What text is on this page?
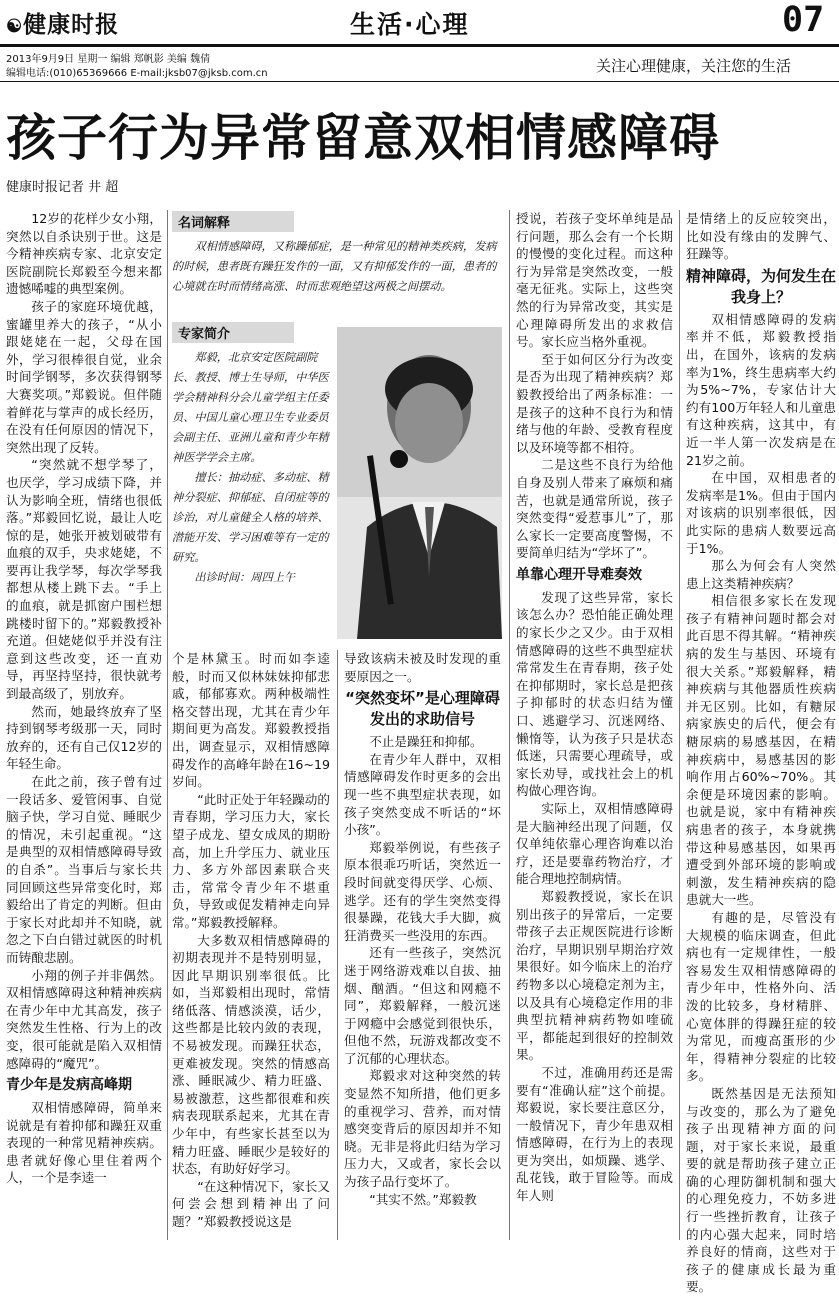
☯健康时报	生活·心理	07
2013年9月9日 星期一 编辑 郑帆影 美编 魏倩
编辑电话:(010)65369666 E-mail:jksb07@jksb.com.cn	关注心理健康，关注您的生活
孩子行为异常留意双相情感障碍
健康时报记者 井 超

12岁的花样少女小翔，突然以自杀诀别于世。这是今精神疾病专家、北京安定医院副院长郑毅至今想来都遗憾唏嘘的典型案例。

孩子的家庭环境优越，蜜罐里养大的孩子，“从小跟姥姥在一起，父母在国外，学习很棒很自觉，业余时间学钢琴，多次获得钢琴大赛奖项。”郑毅说。但伴随着鲜花与掌声的成长经历，在没有任何原因的情况下，突然出现了反转。

“突然就不想学琴了，也厌学，学习成绩下降，并认为影响全班，情绪也很低落。”郑毅回忆说，最让人吃惊的是，她张开被划破带有血痕的双手，央求姥姥，不要再让我学琴，每次学琴我都想从楼上跳下去。“手上的血痕，就是抓窗户围栏想跳楼时留下的。”郑毅教授补充道。但姥姥似乎并没有注意到这些改变，还一直劝导，再坚持坚持，很快就考到最高级了，别放弃。

然而，她最终放弃了坚持到钢琴考级那一天，同时放弃的，还有自己仅12岁的年轻生命。

在此之前，孩子曾有过一段话多、爱管闲事、自觉脑子快，学习自觉、睡眠少的情况，未引起重视。“这是典型的双相情感障碍导致的自杀”。当事后与家长共同回顾这些异常变化时，郑毅给出了肯定的判断。但由于家长对此却并不知晓，就忽之下白白错过就医的时机而铸酿悲剧。

小翔的例子并非偶然。双相情感障碍这种精神疾病在青少年中尤其高发，孩子突然发生性格、行为上的改变，很可能就是陷入双相情感障碍的“魔咒”。

青少年是发病高峰期

双相情感障碍，简单来说就是有着抑郁和躁狂双重表现的一种常见精神疾病。患者就好像心里住着两个人，一个是李逵一

名词解释

双相情感障碍，又称躁郁症，是一种常见的精神类疾病，发病的时候，患者既有躁狂发作的一面，又有抑郁发作的一面，患者的心境就在时而情绪高涨、时而悲观绝望这两极之间摆动。

专家简介

郑毅，北京安定医院副院长、教授、博士生导师，中华医学会精神科分会儿童学组主任委员、中国儿童心理卫生专业委员会副主任、亚洲儿童和青少年精神医学学会主席。

擅长：抽动症、多动症、精神分裂症、抑郁症、自闭症等的诊治，对儿童健全人格的培养、潜能开发、学习困难等有一定的研究。

出诊时间：周四上午

个是林黛玉。时而如李逵般，时而又似林妹妹抑郁悲戚，郁郁寡欢。两种极端性格交替出现，尤其在青少年期间更为高发。郑毅教授指出，调查显示，双相情感障碍发作的高峰年龄在16~19岁间。

“此时正处于年轻躁动的青春期，学习压力大，家长望子成龙、望女成凤的期盼高，加上升学压力、就业压力、多方外部因素联合夹击，常常令青少年不堪重负，导致或促发精神走向异常。”郑毅教授解释。

大多数双相情感障碍的初期表现并不是特别明显，因此早期识别率很低。比如，当郑毅相出现时，常情绪低落、情感淡漠，话少，这些都是比较内敛的表现，不易被发现。而躁狂状态，更难被发现。突然的情感高涨、睡眠减少、精力旺盛、易被激惹，这些都很难和疾病表现联系起来，尤其在青少年中，有些家长甚至以为精力旺盛、睡眠少是较好的状态，有助好好学习。

“在这种情况下，家长又何尝会想到精神出了问题？”郑毅教授说这是

导致该病未被及时发现的重要原因之一。

“突然变坏”是心理障碍发出的求助信号

不止是躁狂和抑郁。

在青少年人群中，双相情感障碍发作时更多的会出现一些不典型症状表现，如孩子突然变成不听话的“坏小孩”。

郑毅举例说，有些孩子原本很乖巧听话，突然近一段时间就变得厌学、心烦、逃学。还有的学生突然变得很暴躁，花钱大手大脚，疯狂消费买一些没用的东西。

还有一些孩子，突然沉迷于网络游戏难以自拔、抽烟、酗酒。“但这和网瘾不同”，郑毅解释，一般沉迷于网瘾中会感觉到很快乐，但他不然，玩游戏都改变不了沉郁的心理状态。

郑毅求对这种突然的转变显然不知所措，他们更多的重视学习、营养，而对情感突变背后的原因却并不知晓。无非是将此归结为学习压力大，又或者，家长会以为孩子品行变坏了。

“其实不然。”郑毅教

授说，若孩子变坏单纯是品行问题，那么会有一个长期的慢慢的变化过程。而这种行为异常是突然改变，一般毫无征兆。实际上，这些突然的行为异常改变，其实是心理障碍所发出的求救信号。家长应当格外重视。

至于如何区分行为改变是否为出现了精神疾病？郑毅教授给出了两条标准：一是孩子的这种不良行为和情绪与他的年龄、受教育程度以及环境等都不相符。

二是这些不良行为给他自身及别人带来了麻烦和痛苦，也就是通常所说，孩子突然变得“爱惹事儿”了，那么家长一定要高度警惕，不要简单归结为“学坏了”。

单靠心理开导难奏效

发现了这些异常，家长该怎么办？恐怕能正确处理的家长少之又少。由于双相情感障碍的这些不典型症状常常发生在青春期，孩子处在抑郁期时，家长总是把孩子抑郁时的状态归结为懂口、逃避学习、沉迷网络、懒惰等，认为孩子只是状态低迷，只需要心理疏导，或家长劝导，或找社会上的机构做心理咨询。

实际上，双相情感障碍是大脑神经出现了问题，仅仅单纯依靠心理咨询难以治疗，还是要靠药物治疗，才能合理地控制病情。

郑毅教授说，家长在识别出孩子的异常后，一定要带孩子去正规医院进行诊断治疗，早期识别早期治疗效果很好。如今临床上的治疗药物多以心境稳定剂为主，以及具有心境稳定作用的非典型抗精神病药物如喹硫平，都能起到很好的控制效果。

不过，准确用药还是需要有“准确认症”这个前提。郑毅说，家长要注意区分，一般情况下，青少年患双相情感障碍，在行为上的表现更为突出，如烦躁、逃学、乱花钱，敢于冒险等。而成年人则

是情绪上的反应较突出，比如没有缘由的发脾气、狂躁等。

精神障碍，为何发生在我身上？

双相情感障碍的发病率并不低，郑毅教授指出，在国外，该病的发病率为1%，终生患病率大约为5%~7%，专家估计大约有100万年轻人和儿童患有这种疾病，这其中，有近一半人第一次发病是在21岁之前。

在中国，双相患者的发病率是1%。但由于国内对该病的识别率很低，因此实际的患病人数要远高于1%。

那么为何会有人突然患上这类精神疾病？

相信很多家长在发现孩子有精神问题时都会对此百思不得其解。“精神疾病的发生与基因、环境有很大关系。”郑毅解释，精神疾病与其他器质性疾病并无区别。比如，有糖尿病家族史的后代，便会有糖尿病的易感基因，在精神疾病中，易感基因的影响作用占60%~70%。其余便是环境因素的影响。也就是说，家中有精神疾病患者的孩子，本身就携带这种易感基因，如果再遭受到外部环境的影响或刺激，发生精神疾病的隐患就大一些。

有趣的是，尽管没有大规模的临床调查，但此病也有一定规律性，一般容易发生双相情感障碍的青少年中，性格外向、活泼的比较多，身材精胖、心宽体胖的得躁狂症的较为常见，而瘦高蛋形的少年，得精神分裂症的比较多。

既然基因是无法预知与改变的，那么为了避免孩子出现精神方面的问题，对于家长来说，最重要的就是帮助孩子建立正确的心理防御机制和强大的心理免疫力，不妨多进行一些挫折教育，让孩子的内心强大起来，同时培养良好的情商，这些对于孩子的健康成长最为重要。
